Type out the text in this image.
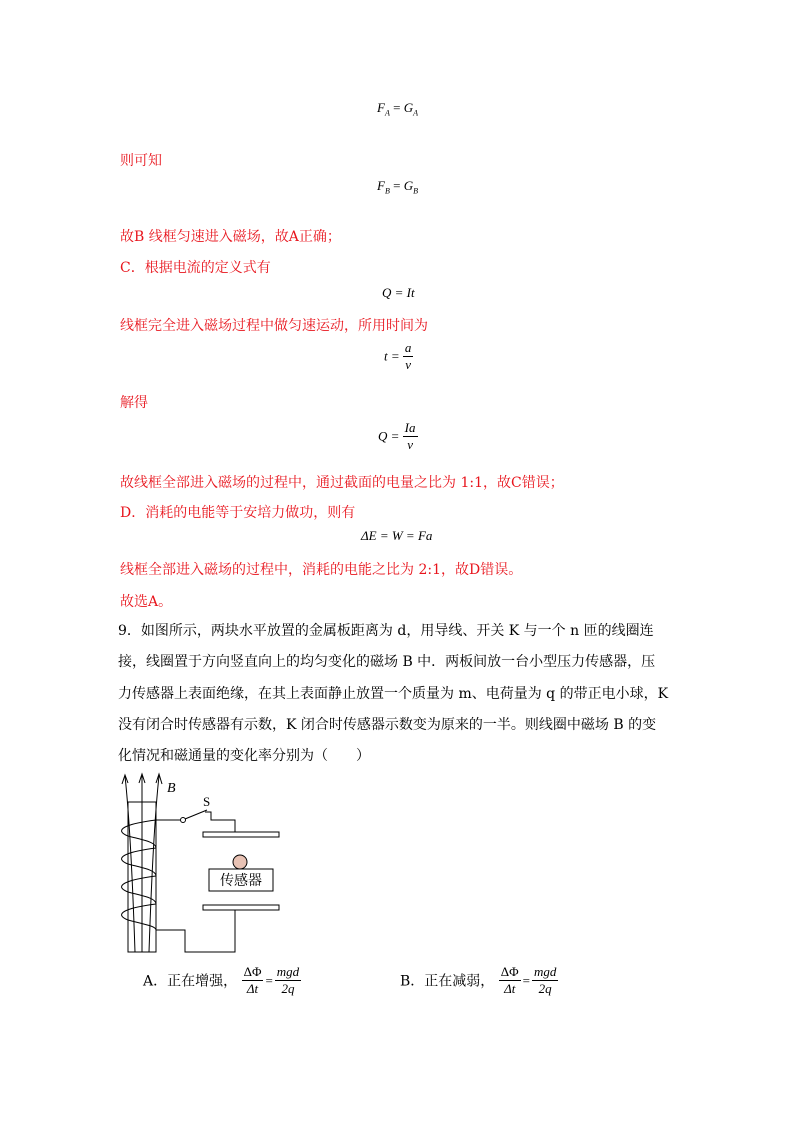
$F_A = G_A$
则可知
$F_B = G_B$
故B 线框匀速进入磁场，故A正确；
C．根据电流的定义式有
Q = It
线框完全进入磁场过程中做匀速运动，所用时间为
$t = \frac{a}{v}$
解得
$Q = \frac{Ia}{v}$
故线框全部进入磁场的过程中，通过截面的电量之比为 1:1，故C错误；
D．消耗的电能等于安培力做功，则有
ΔE = W = Fa
线框全部进入磁场的过程中，消耗的电能之比为 2:1，故D错误。
故选A。
9．如图所示，两块水平放置的金属板距离为 d，用导线、开关 K 与一个 n 匝的线圈连
接，线圈置于方向竖直向上的均匀变化的磁场 B 中．两板间放一台小型压力传感器，压
力传感器上表面绝缘，在其上表面静止放置一个质量为 m、电荷量为 q 的带正电小球，K
没有闭合时传感器有示数，K 闭合时传感器示数变为原来的一半。则线圈中磁场 B 的变
化情况和磁通量的变化率分别为（　　）
传感器
B
S
A．正在增强， $\frac{\Delta\Phi}{\Delta t} = \frac{\text{mgd}}{2q}$	B．正在减弱， $\frac{\Delta\Phi}{\Delta t} = \frac{\text{mgd}}{2q}$
